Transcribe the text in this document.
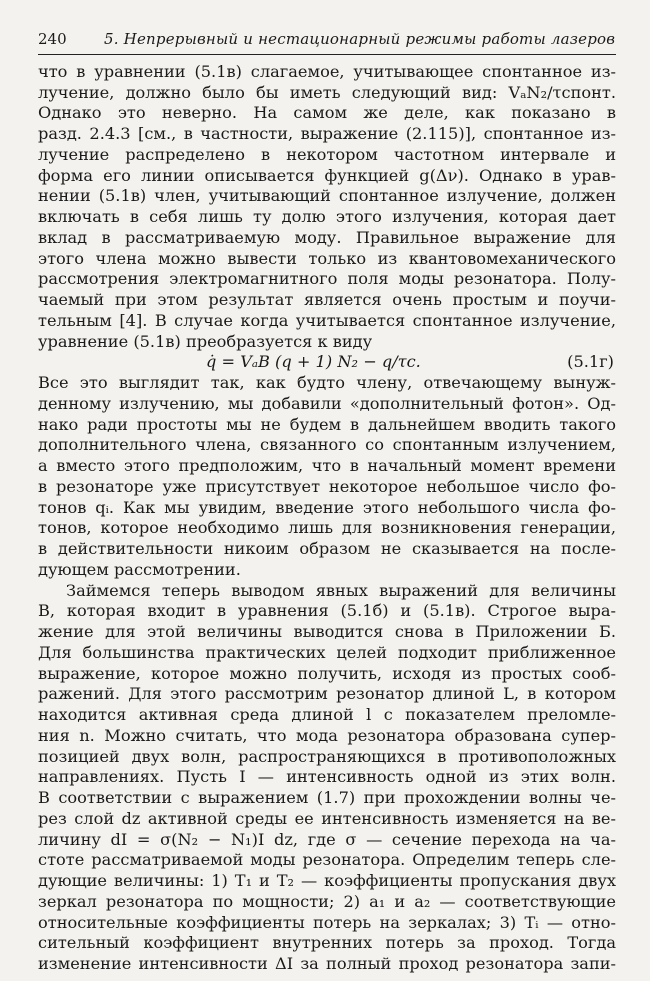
240 5. Непрерывный и нестационарный режимы работы лазеров
что в уравнении (5.1в) слагаемое, учитывающее спонтанное из-
лучение, должно было бы иметь следующий вид: VₐN₂/τспонт.
Однако это неверно. На самом же деле, как показано в
разд. 2.4.3 [см., в частности, выражение (2.115)], спонтанное из-
лучение распределено в некотором частотном интервале и
форма его линии описывается функцией g(Δν). Однако в урав-
нении (5.1в) член, учитывающий спонтанное излучение, должен
включать в себя лишь ту долю этого излучения, которая дает
вклад в рассматриваемую моду. Правильное выражение для
этого члена можно вывести только из квантовомеханического
рассмотрения электромагнитного поля моды резонатора. Полу-
чаемый при этом результат является очень простым и поучи-
тельным [4]. В случае когда учитывается спонтанное излучение,
уравнение (5.1в) преобразуется к виду
q̇ = VₐB (q + 1) N₂ − q/τc.	(5.1г)
Все это выглядит так, как будто члену, отвечающему вынуж-
денному излучению, мы добавили «дополнительный фотон». Од-
нако ради простоты мы не будем в дальнейшем вводить такого
дополнительного члена, связанного со спонтанным излучением,
а вместо этого предположим, что в начальный момент времени
в резонаторе уже присутствует некоторое небольшое число фо-
тонов qᵢ. Как мы увидим, введение этого небольшого числа фо-
тонов, которое необходимо лишь для возникновения генерации,
в действительности никоим образом не сказывается на после-
дующем рассмотрении.
Займемся теперь выводом явных выражений для величины
B, которая входит в уравнения (5.1б) и (5.1в). Строгое выра-
жение для этой величины выводится снова в Приложении Б.
Для большинства практических целей подходит приближенное
выражение, которое можно получить, исходя из простых сооб-
ражений. Для этого рассмотрим резонатор длиной L, в котором
находится активная среда длиной l с показателем преломле-
ния n. Можно считать, что мода резонатора образована супер-
позицией двух волн, распространяющихся в противоположных
направлениях. Пусть I — интенсивность одной из этих волн.
В соответствии с выражением (1.7) при прохождении волны че-
рез слой dz активной среды ее интенсивность изменяется на ве-
личину dI = σ(N₂ − N₁)I dz, где σ — сечение перехода на ча-
стоте рассматриваемой моды резонатора. Определим теперь сле-
дующие величины: 1) T₁ и T₂ — коэффициенты пропускания двух
зеркал резонатора по мощности; 2) a₁ и a₂ — соответствующие
относительные коэффициенты потерь на зеркалах; 3) Tᵢ — отно-
сительный коэффициент внутренних потерь за проход. Тогда
изменение интенсивности ΔI за полный проход резонатора запи-
